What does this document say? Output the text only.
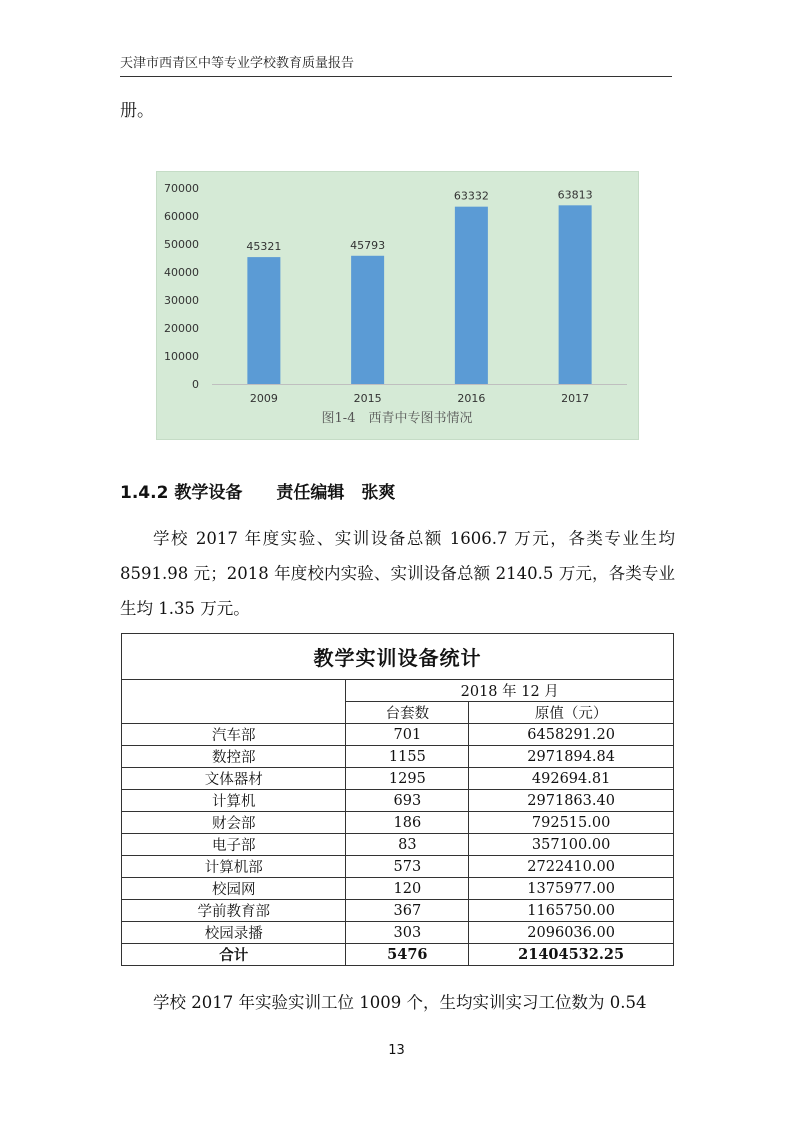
天津市西青区中等专业学校教育质量报告
册。
0
10000
20000
30000
40000
50000
60000
70000
45321
2009
45793
2015
63332
2016
63813
2017
图1-4　西青中专图书情况
1.4.2 教学设备　　责任编辑　张爽
学校 2017 年度实验、实训设备总额 1606.7 万元，各类专业生均 8591.98 元；2018 年度校内实验、实训设备总额 2140.5 万元，各类专业生均 1.35 万元。
教学实训设备统计		
	2018 年 12 月	
	台套数	原值（元）
汽车部	701	6458291.20
数控部	1155	2971894.84
文体器材	1295	492694.81
计算机	693	2971863.40
财会部	186	792515.00
电子部	83	357100.00
计算机部	573	2722410.00
校园网	120	1375977.00
学前教育部	367	1165750.00
校园录播	303	2096036.00
合计	5476	21404532.25
学校 2017 年实验实训工位 1009 个，生均实训实习工位数为 0.54
13
